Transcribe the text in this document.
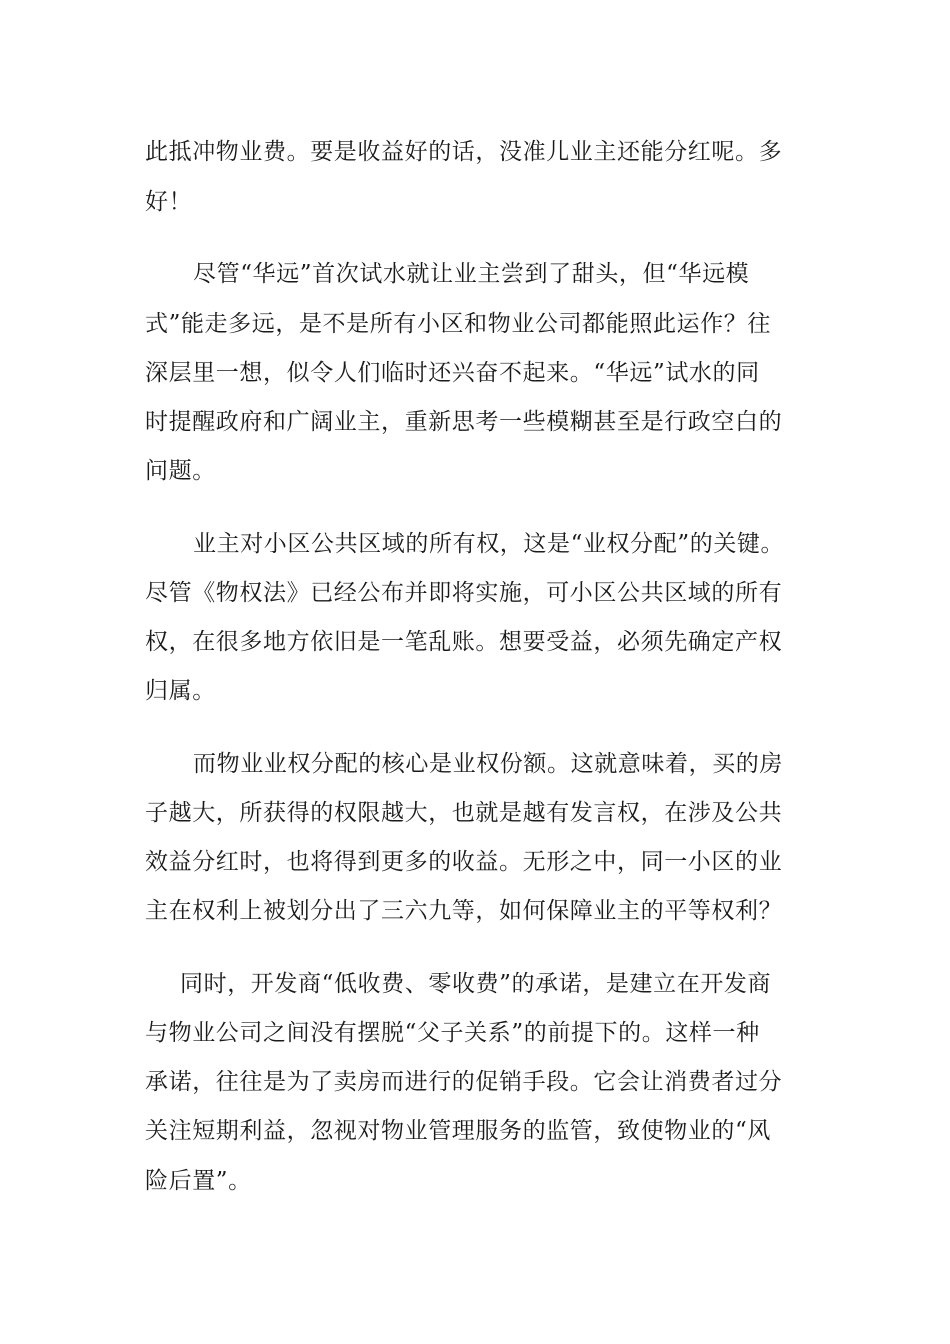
此抵冲物业费。要是收益好的话，没准儿业主还能分红呢。多

好！

尽管“华远”首次试水就让业主尝到了甜头，但“华远模

式”能走多远，是不是所有小区和物业公司都能照此运作？往

深层里一想，似令人们临时还兴奋不起来。“华远”试水的同

时提醒政府和广阔业主，重新思考一些模糊甚至是行政空白的

问题。

业主对小区公共区域的所有权，这是“业权分配”的关键。

尽管《物权法》已经公布并即将实施，可小区公共区域的所有

权，在很多地方依旧是一笔乱账。想要受益，必须先确定产权

归属。

而物业业权分配的核心是业权份额。这就意味着，买的房

子越大，所获得的权限越大，也就是越有发言权，在涉及公共

效益分红时，也将得到更多的收益。无形之中，同一小区的业

主在权利上被划分出了三六九等，如何保障业主的平等权利？

同时，开发商“低收费、零收费”的承诺，是建立在开发商

与物业公司之间没有摆脱“父子关系”的前提下的。这样一种

承诺，往往是为了卖房而进行的促销手段。它会让消费者过分

关注短期利益，忽视对物业管理服务的监管，致使物业的“风

险后置”。
